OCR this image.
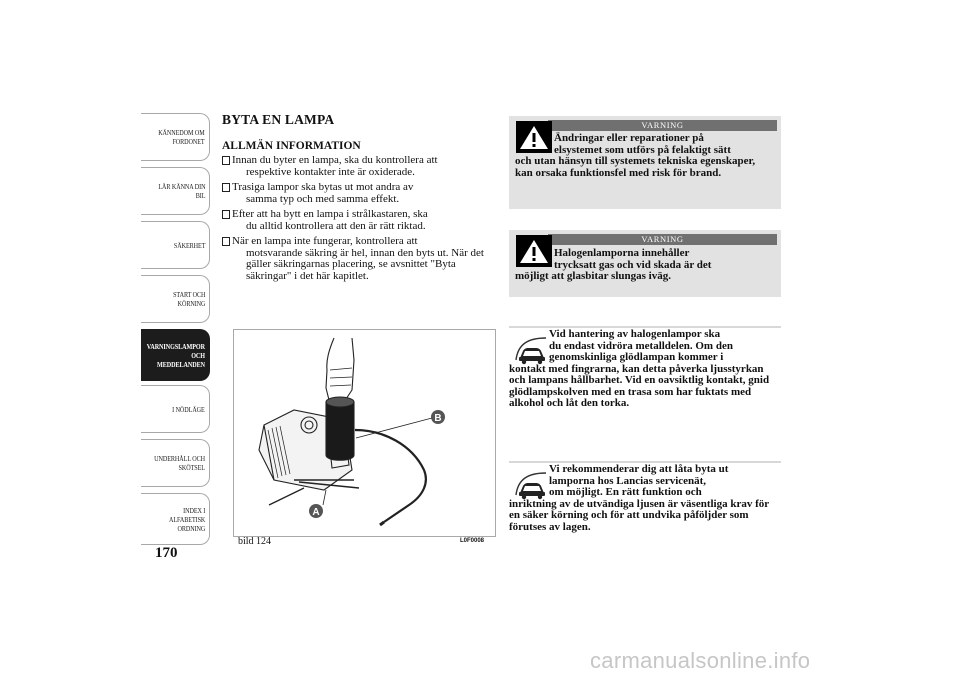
KÄNNEDOM OM
FORDONET
LÄR KÄNNA DIN
BIL
SÄKERHET
START OCH
KÖRNING
VARNINGSLAMPOR
OCH
MEDDELANDEN
I NÖDLÄGE
UNDERHÅLL OCH
SKÖTSEL
INDEX I
ALFABETISK
ORDNING
170
BYTA EN LAMPA
ALLMÄN INFORMATION
Innan du byter en lampa, ska du kontrollera att
respektive kontakter inte är oxiderade.
Trasiga lampor ska bytas ut mot andra av
samma typ och med samma effekt.
Efter att ha bytt en lampa i strålkastaren, ska
du alltid kontrollera att den är rätt riktad.
När en lampa inte fungerar, kontrollera att
motsvarande säkring är hel, innan den byts ut. När det gäller säkringarnas placering, se avsnittet "Byta säkringar" i det här kapitlet.
B
A
bild 124	L0F0008
VARNING
Ändringar eller reparationer på
elsystemet som utförs på felaktigt sätt
och utan hänsyn till systemets tekniska egenskaper, kan orsaka funktionsfel med risk för brand.
VARNING
Halogenlamporna innehåller
trycksatt gas och vid skada är det
möjligt att glasbitar slungas iväg.
Vid hantering av halogenlampor ska
du endast vidröra metalldelen. Om den
genomskinliga glödlampan kommer i
kontakt med fingrarna, kan detta påverka ljusstyrkan och lampans hållbarhet. Vid en oavsiktlig kontakt, gnid glödlampskolven med en trasa som har fuktats med alkohol och låt den torka.
Vi rekommenderar dig att låta byta ut
lamporna hos Lancias servicenät,
om möjligt. En rätt funktion och
inriktning av de utvändiga ljusen är väsentliga krav för en säker körning och för att undvika påföljder som förutses av lagen.
carmanualsonline.info
